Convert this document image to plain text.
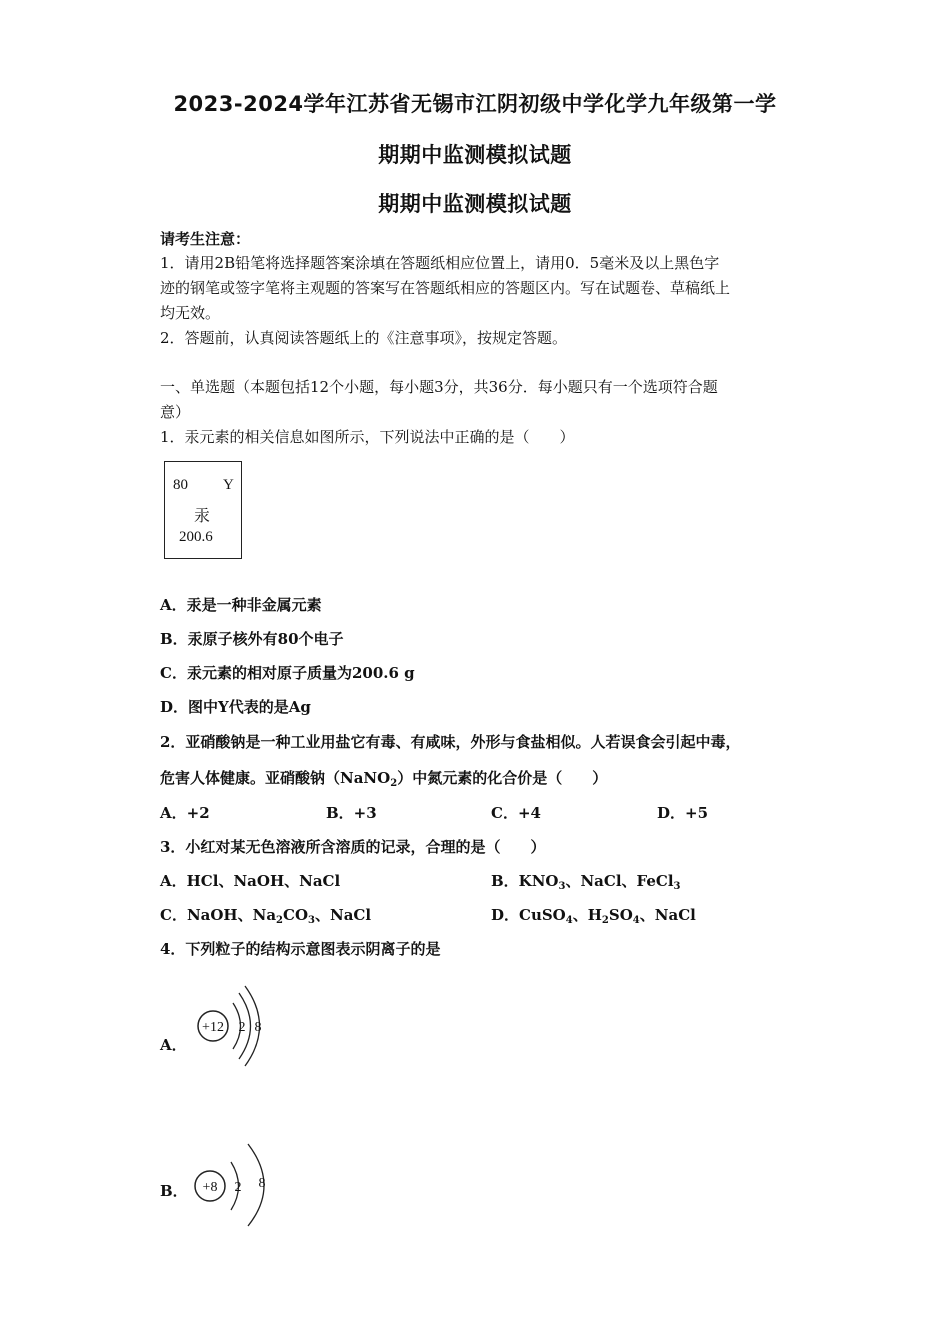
2023-2024学年江苏省无锡市江阴初级中学化学九年级第一学
期期中监测模拟试题
期期中监测模拟试题
请考生注意：
1．请用2B铅笔将选择题答案涂填在答题纸相应位置上，请用0．5毫米及以上黑色字
迹的钢笔或签字笔将主观题的答案写在答题纸相应的答题区内。写在试题卷、草稿纸上
均无效。
2．答题前，认真阅读答题纸上的《注意事项》，按规定答题。
一、单选题（本题包括12个小题，每小题3分，共36分．每小题只有一个选项符合题
意）
1．汞元素的相关信息如图所示，下列说法中正确的是（　　）
80 Y
汞
200.6
A．汞是一种非金属元素
B．汞原子核外有80个电子
C．汞元素的相对原子质量为200.6 g
D．图中Y代表的是Ag
2．亚硝酸钠是一种工业用盐它有毒、有咸味，外形与食盐相似。人若误食会引起中毒，
危害人体健康。亚硝酸钠（NaNO$_2$）中氮元素的化合价是（　　）
A．+2	B．+3	C．+4	D．+5
3．小红对某无色溶液所含溶质的记录，合理的是（　　）
A．HCl、NaOH、NaCl	B．$KNO_3$、NaCl、FeCl$_3$
C．NaOH、$Na_2CO_3$、NaCl	D．CuSO$_4$、$H_2SO_4$、NaCl
4．下列粒子的结构示意图表示阴离子的是
A．
+12 2 8
B． +8 2 8
